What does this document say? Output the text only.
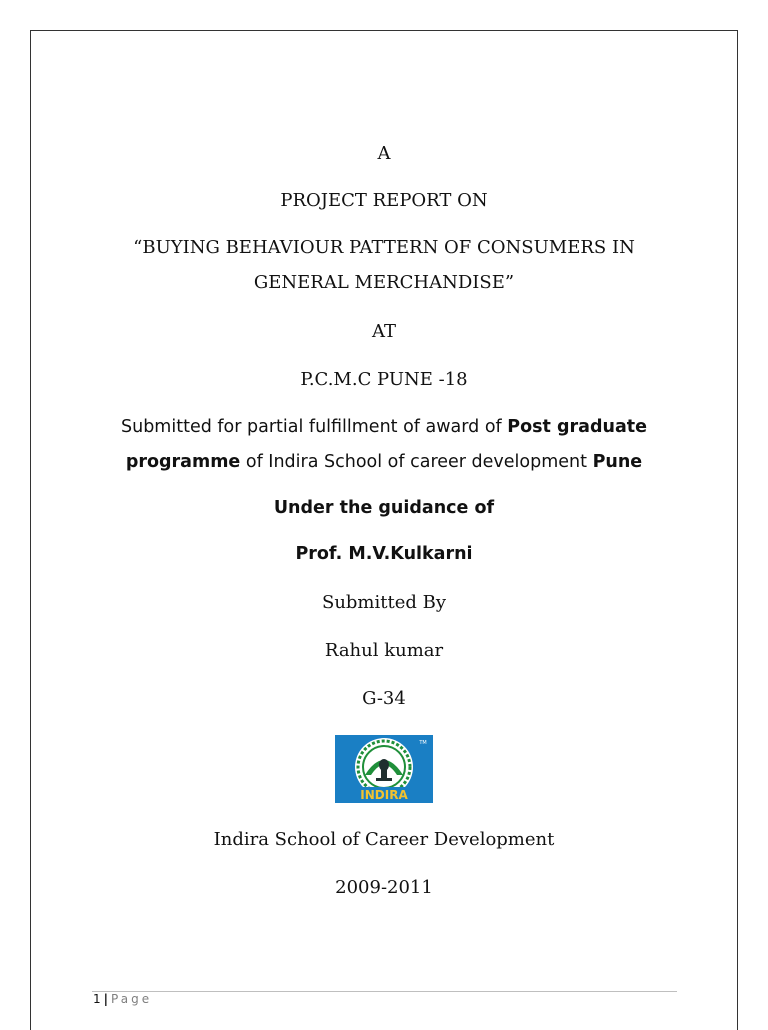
A
PROJECT REPORT ON
“BUYING BEHAVIOUR PATTERN OF CONSUMERS IN
GENERAL MERCHANDISE”
AT
P.C.M.C PUNE -18
Submitted for partial fulfillment of award of Post graduate
programme of Indira School of career development Pune
Under the guidance of
Prof. M.V.Kulkarni
Submitted By
Rahul kumar
G-34
INDIRA
TM
Indira School of Career Development
2009-2011
1 | Page
